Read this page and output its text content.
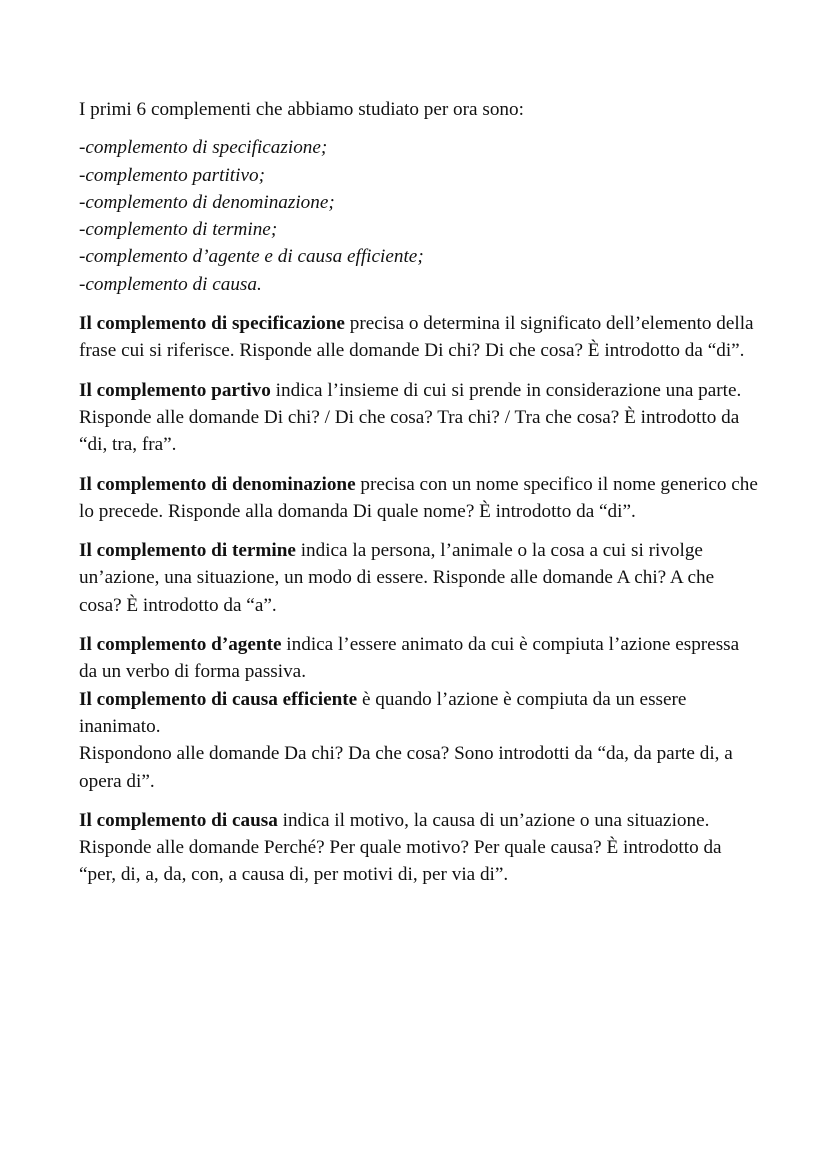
I primi 6 complementi che abbiamo studiato per ora sono:

-complemento di specificazione;
-complemento partitivo;
-complemento di denominazione;
-complemento di termine;
-complemento d’agente e di causa efficiente;
-complemento di causa.

Il complemento di specificazione precisa o determina il significato dell’elemento della frase cui si riferisce. Risponde alle domande Di chi? Di che cosa? È introdotto da “di”.

Il complemento partivo indica l’insieme di cui si prende in considerazione una parte. Risponde alle domande Di chi? / Di che cosa? Tra chi? / Tra che cosa? È introdotto da “di, tra, fra”.

Il complemento di denominazione precisa con un nome specifico il nome generico che lo precede. Risponde alla domanda Di quale nome? È introdotto da “di”.

Il complemento di termine indica la persona, l’animale o la cosa a cui si rivolge un’azione, una situazione, un modo di essere. Risponde alle domande A chi? A che cosa? È introdotto da “a”.

Il complemento d’agente indica l’essere animato da cui è compiuta l’azione espressa da un verbo di forma passiva.

Il complemento di causa efficiente è quando l’azione è compiuta da un essere inanimato.

Rispondono alle domande Da chi? Da che cosa? Sono introdotti da “da, da parte di, a opera di”.

Il complemento di causa indica il motivo, la causa di un’azione o una situazione. Risponde alle domande Perché? Per quale motivo? Per quale causa? È introdotto da “per, di, a, da, con, a causa di, per motivi di, per via di”.
